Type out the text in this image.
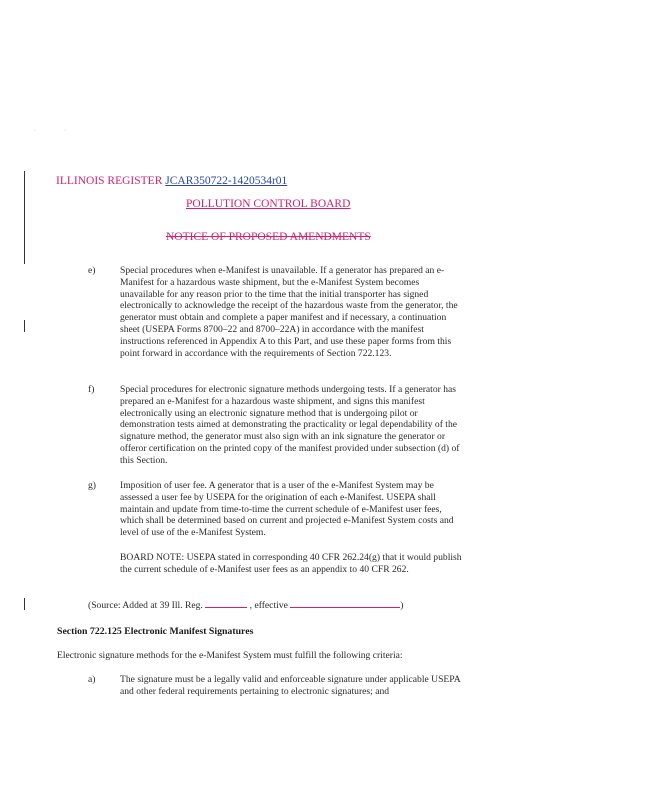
·	·
ILLINOIS REGISTER JCAR350722-1420534r01
POLLUTION CONTROL BOARD
NOTICE OF PROPOSED AMENDMENTS
e)	Special procedures when e-Manifest is unavailable. If a generator has prepared an e-Manifest for a hazardous waste shipment, but the e-Manifest System becomes unavailable for any reason prior to the time that the initial transporter has signed electronically to acknowledge the receipt of the hazardous waste from the generator, the generator must obtain and complete a paper manifest and if necessary, a continuation sheet (USEPA Forms 8700–22 and 8700–22A) in accordance with the manifest instructions referenced in Appendix A to this Part, and use these paper forms from this point forward in accordance with the requirements of Section 722.123.
f)	Special procedures for electronic signature methods undergoing tests. If a generator has prepared an e-Manifest for a hazardous waste shipment, and signs this manifest electronically using an electronic signature method that is undergoing pilot or demonstration tests aimed at demonstrating the practicality or legal dependability of the signature method, the generator must also sign with an ink signature the generator or offeror certification on the printed copy of the manifest provided under subsection (d) of this Section.
g)	Imposition of user fee. A generator that is a user of the e-Manifest System may be assessed a user fee by USEPA for the origination of each e-Manifest. USEPA shall maintain and update from time-to-time the current schedule of e-Manifest user fees, which shall be determined based on current and projected e-Manifest System costs and level of use of the e-Manifest System.
BOARD NOTE: USEPA stated in corresponding 40 CFR 262.24(g) that it would publish the current schedule of e-Manifest user fees as an appendix to 40 CFR 262.
(Source: Added at 39 Ill. Reg.	, effective	)
Section 722.125 Electronic Manifest Signatures
Electronic signature methods for the e-Manifest System must fulfill the following criteria:
a)	The signature must be a legally valid and enforceable signature under applicable USEPA and other federal requirements pertaining to electronic signatures; and
